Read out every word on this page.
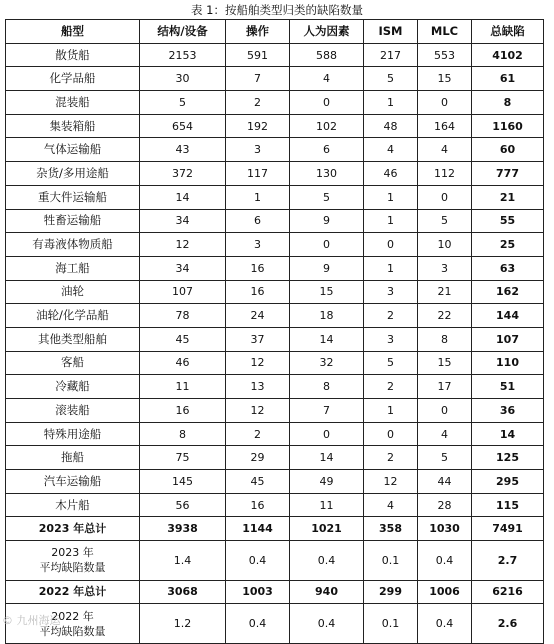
表 1：按船舶类型归类的缺陷数量
船型	结构/设备	操作	人为因素	ISM	MLC	总缺陷
散货船	2153	591	588	217	553	4102
化学品船	30	7	4	5	15	61
混装船	5	2	0	1	0	8
集装箱船	654	192	102	48	164	1160
气体运输船	43	3	6	4	4	60
杂货/多用途船	372	117	130	46	112	777
重大件运输船	14	1	5	1	0	21
牲畜运输船	34	6	9	1	5	55
有毒液体物质船	12	3	0	0	10	25
海工船	34	16	9	1	3	63
油轮	107	16	15	3	21	162
油轮/化学品船	78	24	18	2	22	144
其他类型船舶	45	37	14	3	8	107
客船	46	12	32	5	15	110
冷藏船	11	13	8	2	17	51
滚装船	16	12	7	1	0	36
特殊用途船	8	2	0	0	4	14
拖船	75	29	14	2	5	125
汽车运输船	145	45	49	12	44	295
木片船	56	16	11	4	28	115
2023 年总计	3938	1144	1021	358	1030	7491

2023 年
平均缺陷数量	1.4	0.4	0.4	0.1	0.4	2.7
2022 年总计	3068	1003	940	299	1006	6216

2022 年
平均缺陷数量	1.2	0.4	0.4	0.1	0.4	2.6
© 九州海运
